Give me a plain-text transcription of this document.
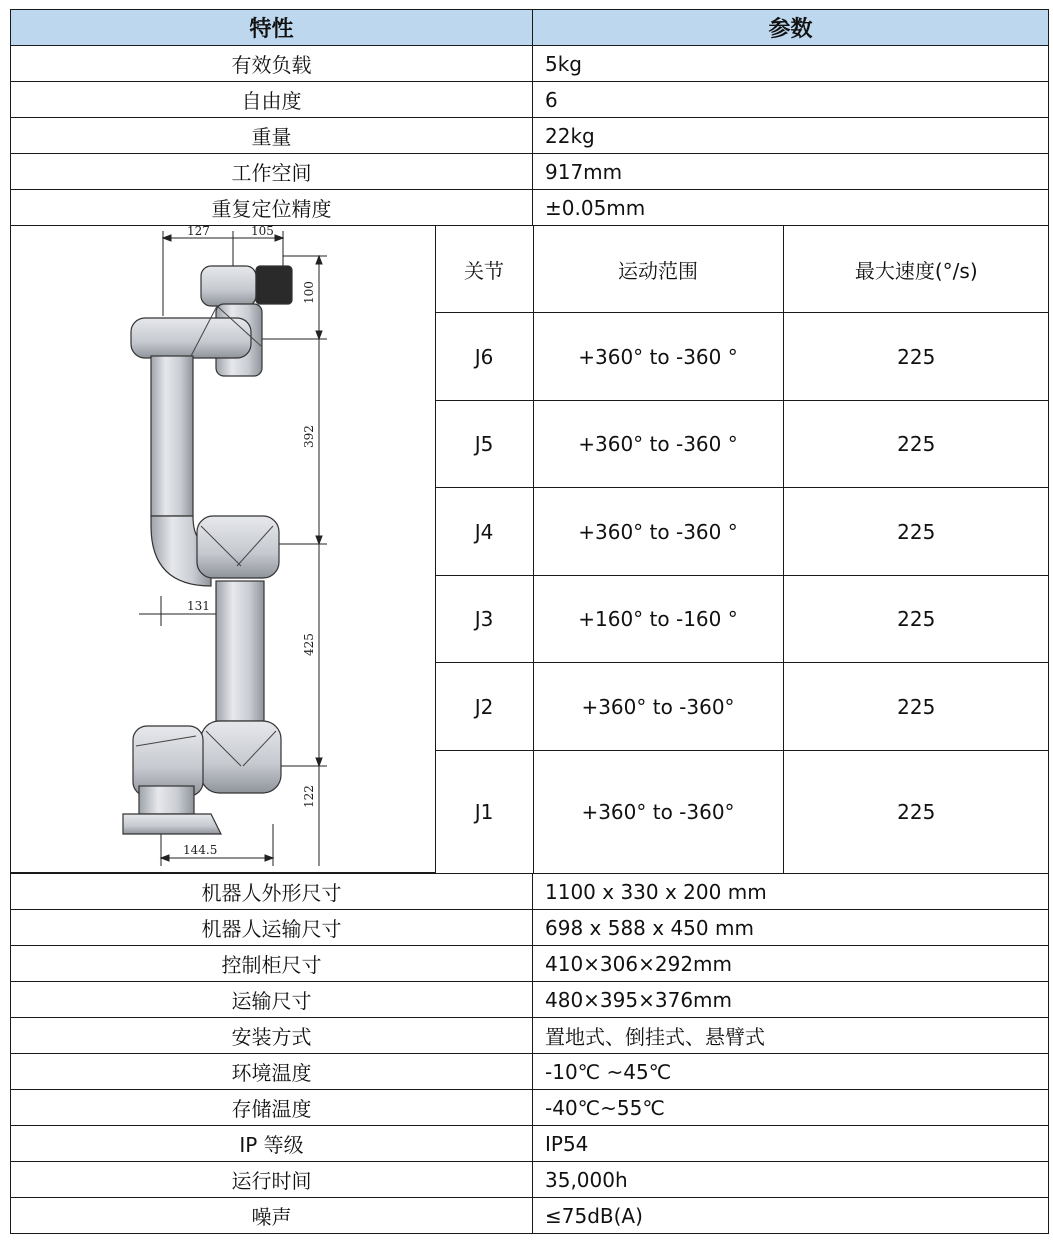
特性	参数
有效负载	5kg
自由度	6
重量	22kg
工作空间	917mm
重复定位精度	±0.05mm

127	105
131
144.5
100
392
425
122
	关节	运动范围	最大速度(°/s)
J6	+360° to -360 °	225
J5	+360° to -360 °	225
J4	+360° to -360 °	225
J3	+160° to -160 °	225
J2	+360° to -360°	225
J1	+360° to -360°	225

机器人外形尺寸	1100 x 330 x 200 mm
机器人运输尺寸	698 x 588 x 450 mm
控制柜尺寸	410×306×292mm
运输尺寸	480×395×376mm
安装方式	置地式、倒挂式、悬臂式
环境温度	-10℃ ~45℃
存储温度	-40℃~55℃
IP 等级	IP54
运行时间	35,000h
噪声	≤75dB(A)
